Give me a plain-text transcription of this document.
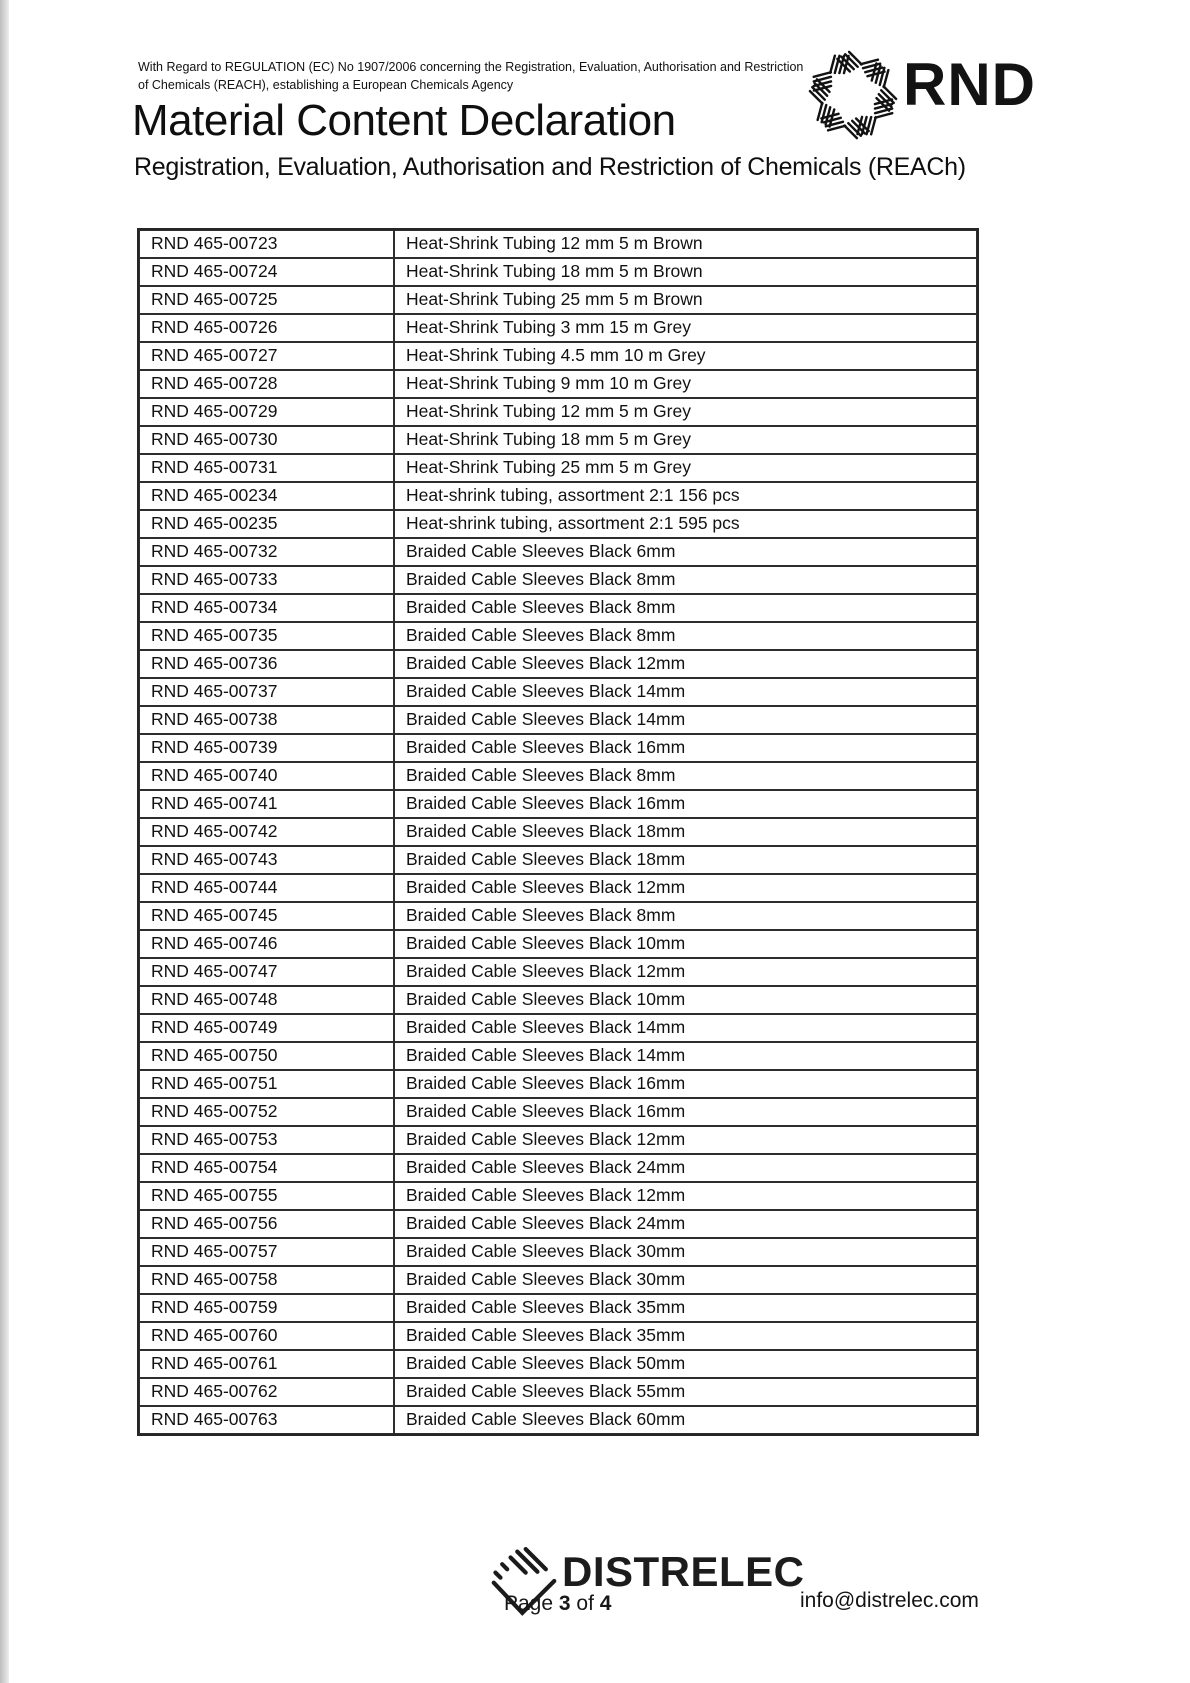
With Regard to REGULATION (EC) No 1907/2006 concerning the Registration, Evaluation, Authorisation and Restriction
of Chemicals (REACH), establishing a European Chemicals Agency
Material Content Declaration
Registration, Evaluation, Authorisation and Restriction of Chemicals (REACh)
RND
RND 465-00723	Heat-Shrink Tubing 12 mm 5 m Brown
RND 465-00724	Heat-Shrink Tubing 18 mm 5 m Brown
RND 465-00725	Heat-Shrink Tubing 25 mm 5 m Brown
RND 465-00726	Heat-Shrink Tubing 3 mm 15 m Grey
RND 465-00727	Heat-Shrink Tubing 4.5 mm 10 m Grey
RND 465-00728	Heat-Shrink Tubing 9 mm 10 m Grey
RND 465-00729	Heat-Shrink Tubing 12 mm 5 m Grey
RND 465-00730	Heat-Shrink Tubing 18 mm 5 m Grey
RND 465-00731	Heat-Shrink Tubing 25 mm 5 m Grey
RND 465-00234	Heat-shrink tubing, assortment 2:1 156 pcs
RND 465-00235	Heat-shrink tubing, assortment 2:1 595 pcs
RND 465-00732	Braided Cable Sleeves Black 6mm
RND 465-00733	Braided Cable Sleeves Black 8mm
RND 465-00734	Braided Cable Sleeves Black 8mm
RND 465-00735	Braided Cable Sleeves Black 8mm
RND 465-00736	Braided Cable Sleeves Black 12mm
RND 465-00737	Braided Cable Sleeves Black 14mm
RND 465-00738	Braided Cable Sleeves Black 14mm
RND 465-00739	Braided Cable Sleeves Black 16mm
RND 465-00740	Braided Cable Sleeves Black 8mm
RND 465-00741	Braided Cable Sleeves Black 16mm
RND 465-00742	Braided Cable Sleeves Black 18mm
RND 465-00743	Braided Cable Sleeves Black 18mm
RND 465-00744	Braided Cable Sleeves Black 12mm
RND 465-00745	Braided Cable Sleeves Black 8mm
RND 465-00746	Braided Cable Sleeves Black 10mm
RND 465-00747	Braided Cable Sleeves Black 12mm
RND 465-00748	Braided Cable Sleeves Black 10mm
RND 465-00749	Braided Cable Sleeves Black 14mm
RND 465-00750	Braided Cable Sleeves Black 14mm
RND 465-00751	Braided Cable Sleeves Black 16mm
RND 465-00752	Braided Cable Sleeves Black 16mm
RND 465-00753	Braided Cable Sleeves Black 12mm
RND 465-00754	Braided Cable Sleeves Black 24mm
RND 465-00755	Braided Cable Sleeves Black 12mm
RND 465-00756	Braided Cable Sleeves Black 24mm
RND 465-00757	Braided Cable Sleeves Black 30mm
RND 465-00758	Braided Cable Sleeves Black 30mm
RND 465-00759	Braided Cable Sleeves Black 35mm
RND 465-00760	Braided Cable Sleeves Black 35mm
RND 465-00761	Braided Cable Sleeves Black 50mm
RND 465-00762	Braided Cable Sleeves Black 55mm
RND 465-00763	Braided Cable Sleeves Black 60mm
DISTRELEC
Page 3 of 4	info@distrelec.com
